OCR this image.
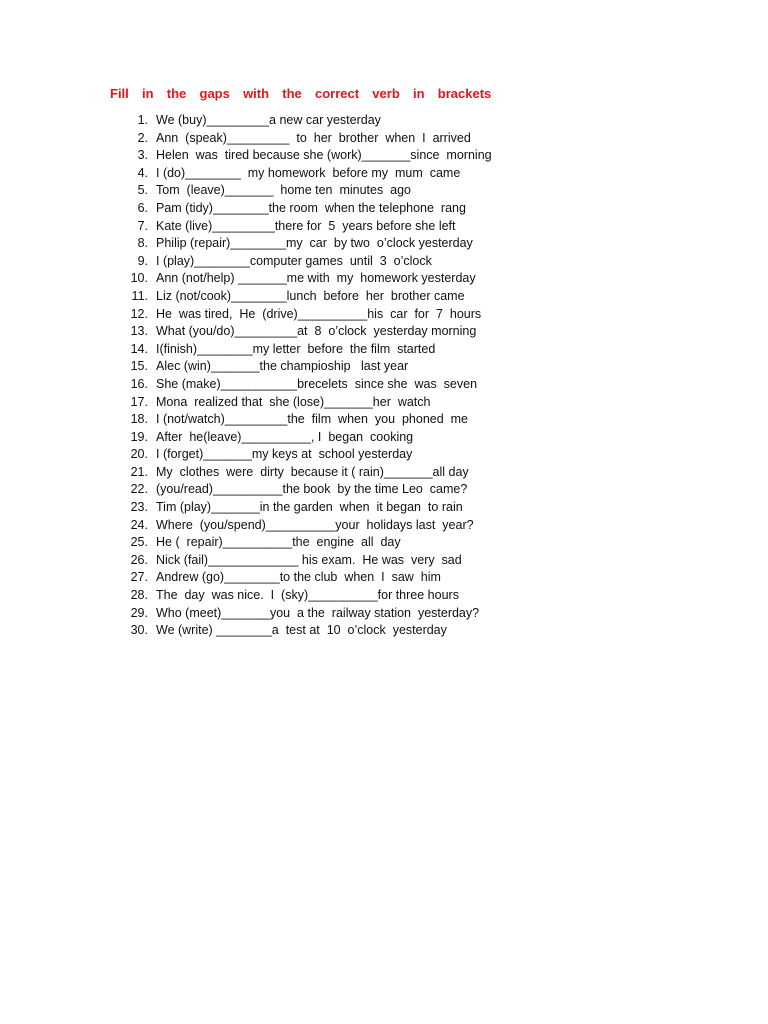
Fill  in  the  gaps  with  the  correct  verb  in  brackets
1. We (buy)_________a new car yesterday
2. Ann  (speak)_________  to  her  brother  when  I  arrived
3. Helen  was  tired because she (work)_______since  morning
4. I (do)________  my homework  before my  mum  came
5. Tom  (leave)_______  home ten  minutes  ago
6. Pam (tidy)________the room  when the telephone  rang
7. Kate (live)_________there for  5  years before she left
8. Philip (repair)________my  car  by two  o’clock yesterday
9. I (play)________computer games  until  3  o’clock
10. Ann (not/help) _______me with  my  homework yesterday
11. Liz (not/cook)________lunch  before  her  brother came
12. He  was tired,  He  (drive)__________his  car  for  7  hours
13. What (you/do)_________at  8  o’clock  yesterday morning
14. I(finish)________my letter  before  the film  started
15. Alec (win)_______the champioship   last year
16. She (make)___________brecelets  since she  was  seven
17. Mona  realized that  she (lose)_______her  watch
18. I (not/watch)_________the  film  when  you  phoned  me
19. After  he(leave)__________, I  began  cooking
20. I (forget)_______my keys at  school yesterday
21. My  clothes  were  dirty  because it ( rain)_______all day
22. (you/read)__________the book  by the time Leo  came?
23. Tim (play)_______in the garden  when  it began  to rain
24. Where  (you/spend)__________your  holidays last  year?
25. He (  repair)__________the  engine  all  day
26. Nick (fail)_____________ his exam.  He was  very  sad
27. Andrew (go)________to the club  when  I  saw  him
28. The  day  was nice.  I  (sky)__________for three hours
29. Who (meet)_______you  a the  railway station  yesterday?
30. We (write) ________a  test at  10  o’clock  yesterday
